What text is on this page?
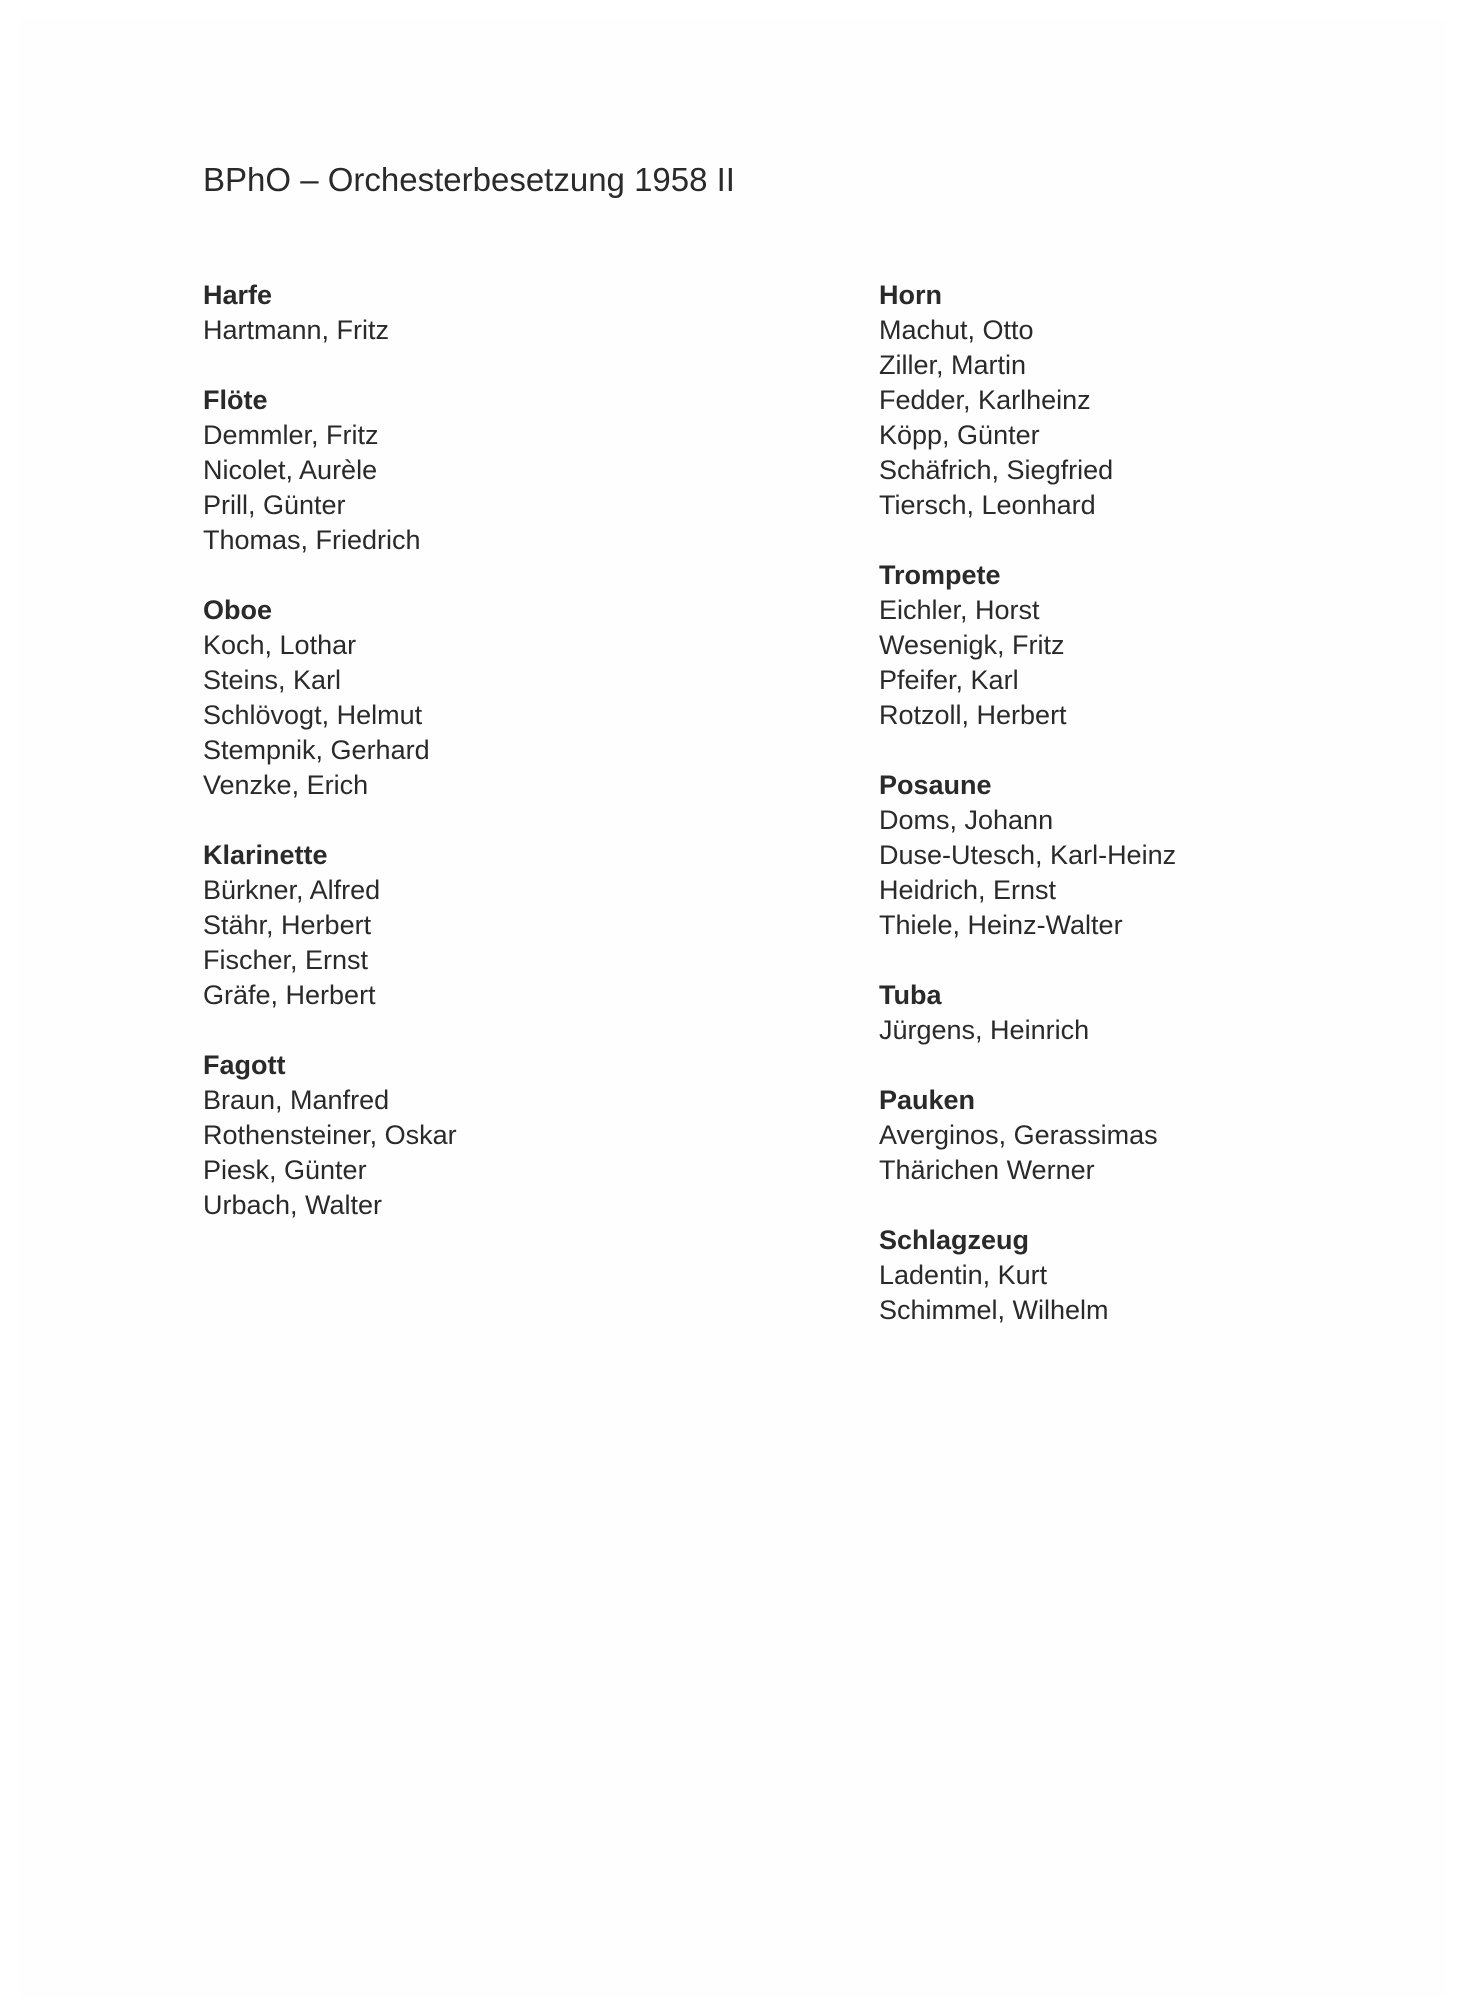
BPhO – Orchesterbesetzung 1958 II
Harfe
Hartmann, Fritz
Flöte
Demmler, Fritz
Nicolet, Aurèle
Prill, Günter
Thomas, Friedrich
Oboe
Koch, Lothar
Steins, Karl
Schlövogt, Helmut
Stempnik, Gerhard
Venzke, Erich
Klarinette
Bürkner, Alfred
Stähr, Herbert
Fischer, Ernst
Gräfe, Herbert
Fagott
Braun, Manfred
Rothensteiner, Oskar
Piesk, Günter
Urbach, Walter
Horn
Machut, Otto
Ziller, Martin
Fedder, Karlheinz
Köpp, Günter
Schäfrich, Siegfried
Tiersch, Leonhard
Trompete
Eichler, Horst
Wesenigk, Fritz
Pfeifer, Karl
Rotzoll, Herbert
Posaune
Doms, Johann
Duse-Utesch, Karl-Heinz
Heidrich, Ernst
Thiele, Heinz-Walter
Tuba
Jürgens, Heinrich
Pauken
Averginos, Gerassimas
Thärichen Werner
Schlagzeug
Ladentin, Kurt
Schimmel, Wilhelm
